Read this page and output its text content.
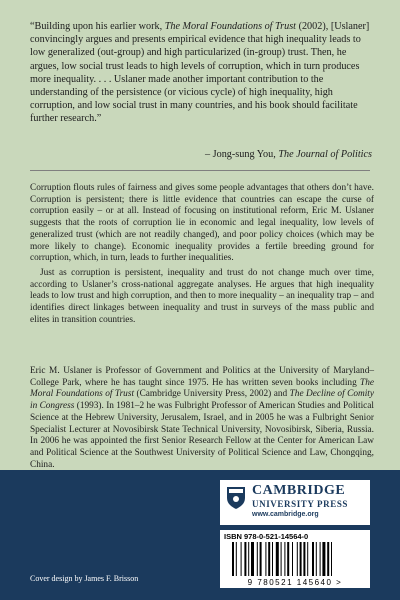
“Building upon his earlier work, The Moral Foundations of Trust (2002), [Uslaner] convincingly argues and presents empirical evidence that high inequality leads to low generalized (out-group) and high particularized (in-group) trust. Then, he argues, low social trust leads to high levels of corruption, which in turn produces more inequality. . . . Uslaner made another important contribution to the understanding of the persistence (or vicious cycle) of high inequality, high corruption, and low social trust in many countries, and his book should facilitate further research.”

– Jong-sung You, The Journal of Politics

Corruption flouts rules of fairness and gives some people advantages that others don’t have. Corruption is persistent; there is little evidence that countries can escape the curse of corruption easily – or at all. Instead of focusing on institutional reform, Eric M. Uslaner suggests that the roots of corruption lie in economic and legal inequality, low levels of generalized trust (which are not readily changed), and poor policy choices (which may be more likely to change). Economic inequality provides a fertile breeding ground for corruption, which, in turn, leads to further inequalities.

Just as corruption is persistent, inequality and trust do not change much over time, according to Uslaner’s cross-national aggregate analyses. He argues that high inequality leads to low trust and high corruption, and then to more inequality – an inequality trap – and identifies direct linkages between inequality and trust in surveys of the mass public and elites in transition countries.

Eric M. Uslaner is Professor of Government and Politics at the University of Maryland–College Park, where he has taught since 1975. He has written seven books including The Moral Foundations of Trust (Cambridge University Press, 2002) and The Decline of Comity in Congress (1993). In 1981–2 he was Fulbright Professor of American Studies and Political Science at the Hebrew University, Jerusalem, Israel, and in 2005 he was a Fulbright Senior Specialist Lecturer at Novosibirsk State Technical University, Novosibirsk, Siberia, Russia. In 2006 he was appointed the first Senior Research Fellow at the Center for American Law and Political Science at the Southwest University of Political Science and Law, Chongqing, China.

CAMBRIDGE
UNIVERSITY PRESS
www.cambridge.org
ISBN 978-0-521-14564-0
9 780521 145640 >
Cover design by James F. Brisson
